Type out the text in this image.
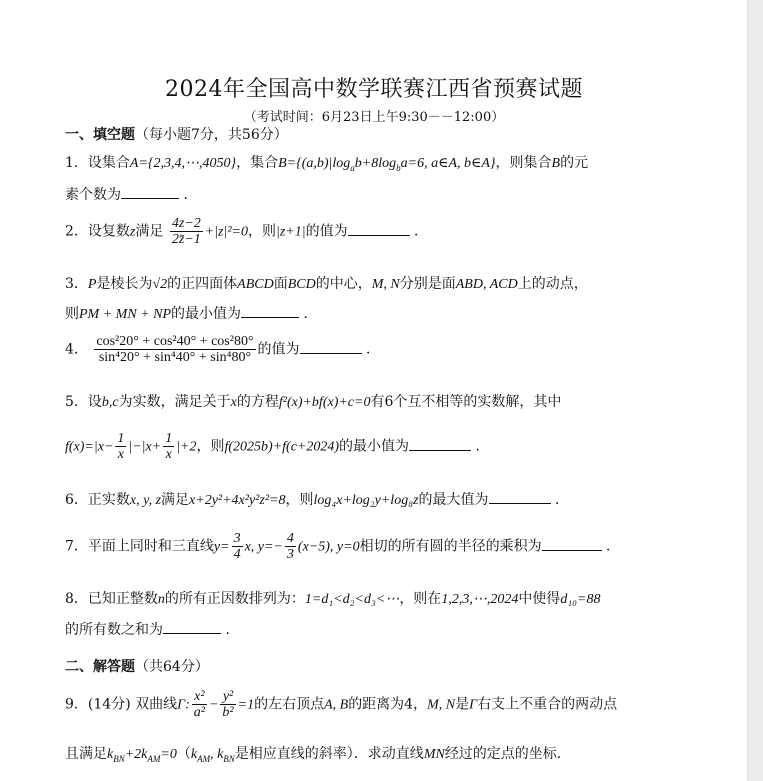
2024年全国高中数学联赛江西省预赛试题
（考试时间：6月23日上午9:30－－12:00）
一、填空题（每小题7分，共56分）
1．设集合A={2,3,4,⋯,4050}，集合$B=\{(a,b)|\log_ab+8\log_ba=6$, a∈A, b∈A}，则集合B的元
素个数为	．
2．设复数z满足 $\frac{4z-2}{2z̄-1} +|z|^2=0$，则|z+1|的值为	．
3．P是棱长为√2的正四面体ABCD面BCD的中心，M, N分别是面ABD, ACD上的动点，
则PM + MN + NP的最小值为	．
4． $\frac{\text{cos²20° + cos²40° + cos²80°}}{\text{sin⁴20° + sin⁴40° + sin⁴80°}}$ 的值为	．
5．设b,c为实数，满足关于x的方程f²(x)+bf(x)+c=0有6个互不相等的实数解，其中
$f(x)=|x- \frac{1}{x} |-|x+ \frac{1}{x} |+2$，则f(2025b)+f(c+2024)的最小值为	．
6．正实数x, y, z满足x+2y²+4x²y²z²=8，则log₄x+log₂y+log₈z的最大值为	．
7．平面上同时和三直线$y= \frac{3}{4} x$, $y=- \frac{4}{3} (x-5)$, y=0相切的所有圆的半径的乘积为	．
8．已知正整数n的所有正因数排列为：1=d₁<d₂<d₃<⋯，则在1,2,3,⋯,2024中使得d₁₀=88
的所有数之和为	．
二、解答题（共64分）
9．(14分) 双曲线Γ: $\frac{\text{x²}}{\text{a²}} - \frac{\text{y²}}{\text{b²}} =1$的左右顶点A, B的距离为4，M, N是Γ右支上不重合的两动点
且满足$k_{BN}+2k_{AM}=0(k_{AM}$, $k_{BN}$是相应直线的斜率）．求动直线MN经过的定点的坐标．
